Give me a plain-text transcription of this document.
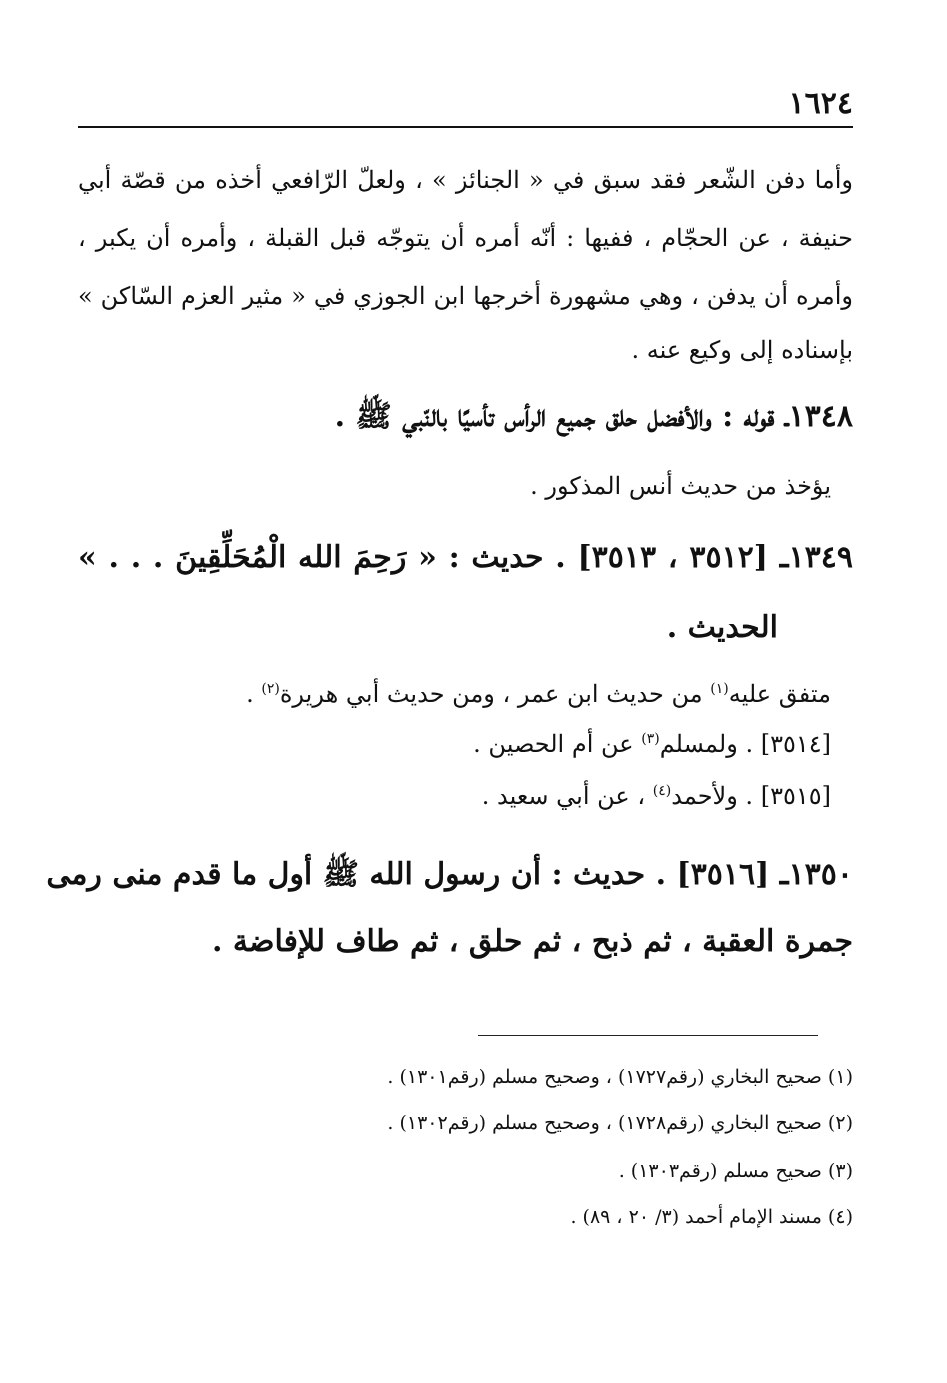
١٦٢٤
وأما دفن الشّعر فقد سبق في « الجنائز » ، ولعلّ الرّافعي أخذه من قصّة أبي
حنيفة ، عن الحجّام ، ففيها : أنّه أمره أن يتوجّه قبل القبلة ، وأمره أن يكبر ،
وأمره أن يدفن ، وهي مشهورة أخرجها ابن الجوزي في « مثير العزم السّاكن »
بإسناده إلى وكيع عنه .
١٣٤٨ـ قوله : والأفضل حلق جميع الرأس تأسيًا بالنّبي ﷺ .
يؤخذ من حديث أنس المذكور .
١٣٤٩ـ [٣٥١٢ ، ٣٥١٣] . حديث : « رَحِمَ الله الْمُحَلِّقِينَ . . . »
الحديث .
متفق عليه$^{(١)}$ من حديث ابن عمر ، ومن حديث أبي هريرة$^{(٢)}$ .
[٣٥١٤] . ولمسلم$^{(٣)}$ عن أم الحصين .
[٣٥١٥] . ولأحمد$^{(٤)}$ ، عن أبي سعيد .
١٣٥٠ـ [٣٥١٦] . حديث : أن رسول الله ﷺ أول ما قدم منى رمى
جمرة العقبة ، ثم ذبح ، ثم حلق ، ثم طاف للإفاضة .
(١) صحيح البخاري (رقم١٧٢٧) ، وصحيح مسلم (رقم١٣٠١) .
(٢) صحيح البخاري (رقم١٧٢٨) ، وصحيح مسلم (رقم١٣٠٢) .
(٣) صحيح مسلم (رقم١٣٠٣) .
(٤) مسند الإمام أحمد (٣/ ٢٠ ، ٨٩) .
